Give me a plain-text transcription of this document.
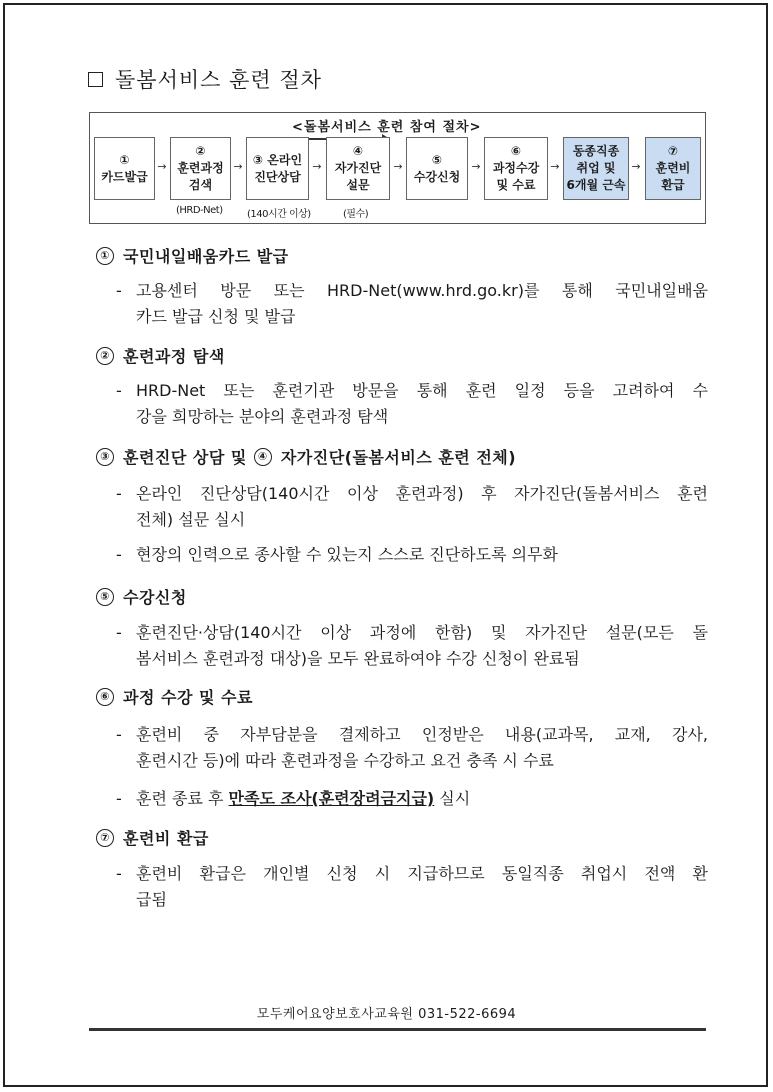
돌봄서비스 훈련 절차
<돌봄서비스 훈련 참여 절차>
①
카드발급
→
②
훈련과정
검색
→ ③ 온라인
진단상담
→
④
자가진단
설문
→ ⑤
수강신청
→
⑥
과정수강
및 수료
→
동종직종
취업 및
6개월 근속
→
⑦
훈련비
환급
(HRD-Net) (140시간 이상)	(필수)
① 국민내일배움카드 발급
- 고용센터 방문 또는 HRD-Net(www.hrd.go.kr)를 통해 국민내일배움
카드 발급 신청 및 발급
② 훈련과정 탐색
- HRD-Net 또는 훈련기관 방문을 통해 훈련 일정 등을 고려하여 수
강을 희망하는 분야의 훈련과정 탐색
③ 훈련진단 상담 및	④ 자가진단(돌봄서비스 훈련 전체)
- 온라인 진단상담(140시간 이상 훈련과정) 후 자가진단(돌봄서비스 훈련
전체) 설문 실시
- 현장의 인력으로 종사할 수 있는지 스스로 진단하도록 의무화
⑤ 수강신청
- 훈련진단·상담(140시간 이상 과정에 한함) 및 자가진단 설문(모든 돌
봄서비스 훈련과정 대상)을 모두 완료하여야 수강 신청이 완료됨
⑥ 과정 수강 및 수료
- 훈련비 중 자부담분을 결제하고 인정받은 내용(교과목, 교재, 강사,
훈련시간 등)에 따라 훈련과정을 수강하고 요건 충족 시 수료
- 훈련 종료 후 만족도 조사(훈련장려금지급) 실시
⑦ 훈련비 환급
- 훈련비 환급은 개인별 신청 시 지급하므로 동일직종 취업시 전액 환
급됨
모두케어요양보호사교육원 031-522-6694
